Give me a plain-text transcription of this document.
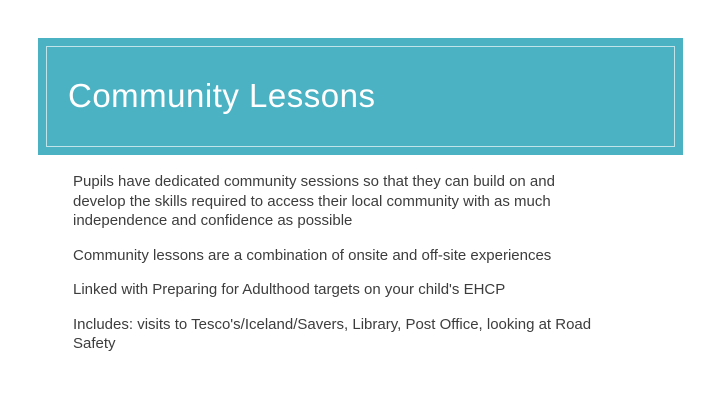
Community Lessons

Pupils have dedicated community sessions so that they can build on and
develop the skills required to access their local community with as much
independence and confidence as possible

Community lessons are a combination of onsite and off-site experiences

Linked with Preparing for Adulthood targets on your child's EHCP

Includes: visits to Tesco's/Iceland/Savers, Library, Post Office, looking at Road
Safety
